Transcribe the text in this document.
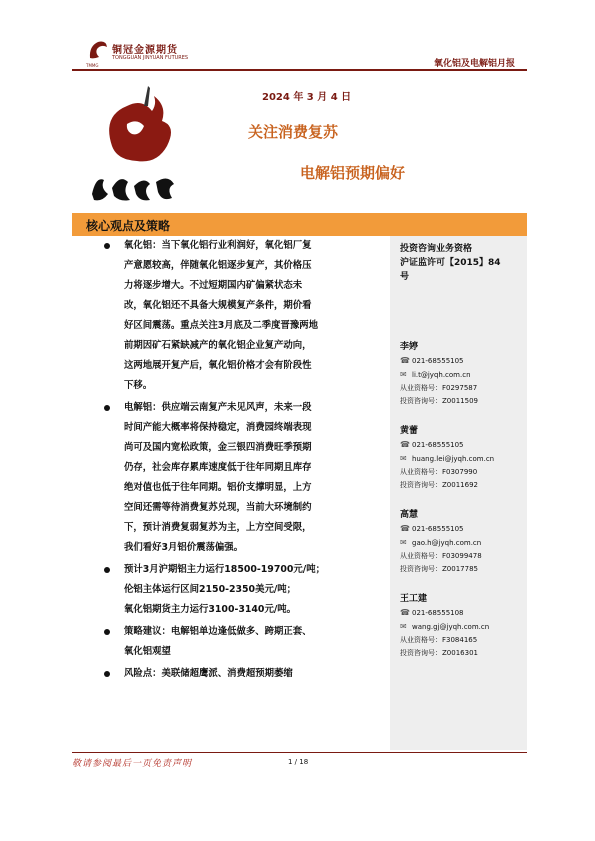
铜冠金源期货
TONGGUAN JINYUAN FUTURES
TMMG	氧化铝及电解铝月报
2024 年 3 月 4 日
关注消费复苏
电解铝预期偏好
核心观点及策略
氧化铝：当下氧化铝行业利润好，氧化铝厂复
产意愿较高，伴随氧化铝逐步复产，其价格压
力将逐步增大。不过短期国内矿偏紧状态未
改，氧化铝还不具备大规模复产条件，期价看
好区间震荡。重点关注3月底及二季度晋豫两地
前期因矿石紧缺减产的氧化铝企业复产动向，
这两地展开复产后，氧化铝价格才会有阶段性
下移。
电解铝：供应端云南复产未见风声，未来一段
时间产能大概率将保持稳定，消费园终端表现
尚可及国内宽松政策，金三银四消费旺季预期
仍存，社会库存累库速度低于往年同期且库存
绝对值也低于往年同期。铝价支撑明显，上方
空间还需等待消费复苏兑现，当前大环境制约
下，预计消费复弱复苏为主，上方空间受限，
我们看好3月铝价震荡偏强。
预计3月沪期铝主力运行18500-19700元/吨；
伦铝主体运行区间2150-2350美元/吨；
氧化铝期货主力运行3100-3140元/吨。
策略建议：电解铝单边逢低做多、跨期正套、
氧化铝观望
风险点：美联储超鹰派、消费超预期萎缩
投资咨询业务资格
沪证监许可【2015】84
号
李婷
☎ 021-68555105
✉ li.t@jyqh.com.cn
从业资格号：F0297587
投资咨询号：Z0011509
黄蕾
☎ 021-68555105
✉ huang.lei@jyqh.com.cn
从业资格号：F0307990
投资咨询号：Z0011692
高慧
☎ 021-68555105
✉ gao.h@jyqh.com.cn
从业资格号：F03099478
投资咨询号：Z0017785
王工建
☎ 021-68555108
✉ wang.gj@jyqh.com.cn
从业资格号：F3084165
投资咨询号：Z0016301
敬请参阅最后一页免责声明	1 / 18
